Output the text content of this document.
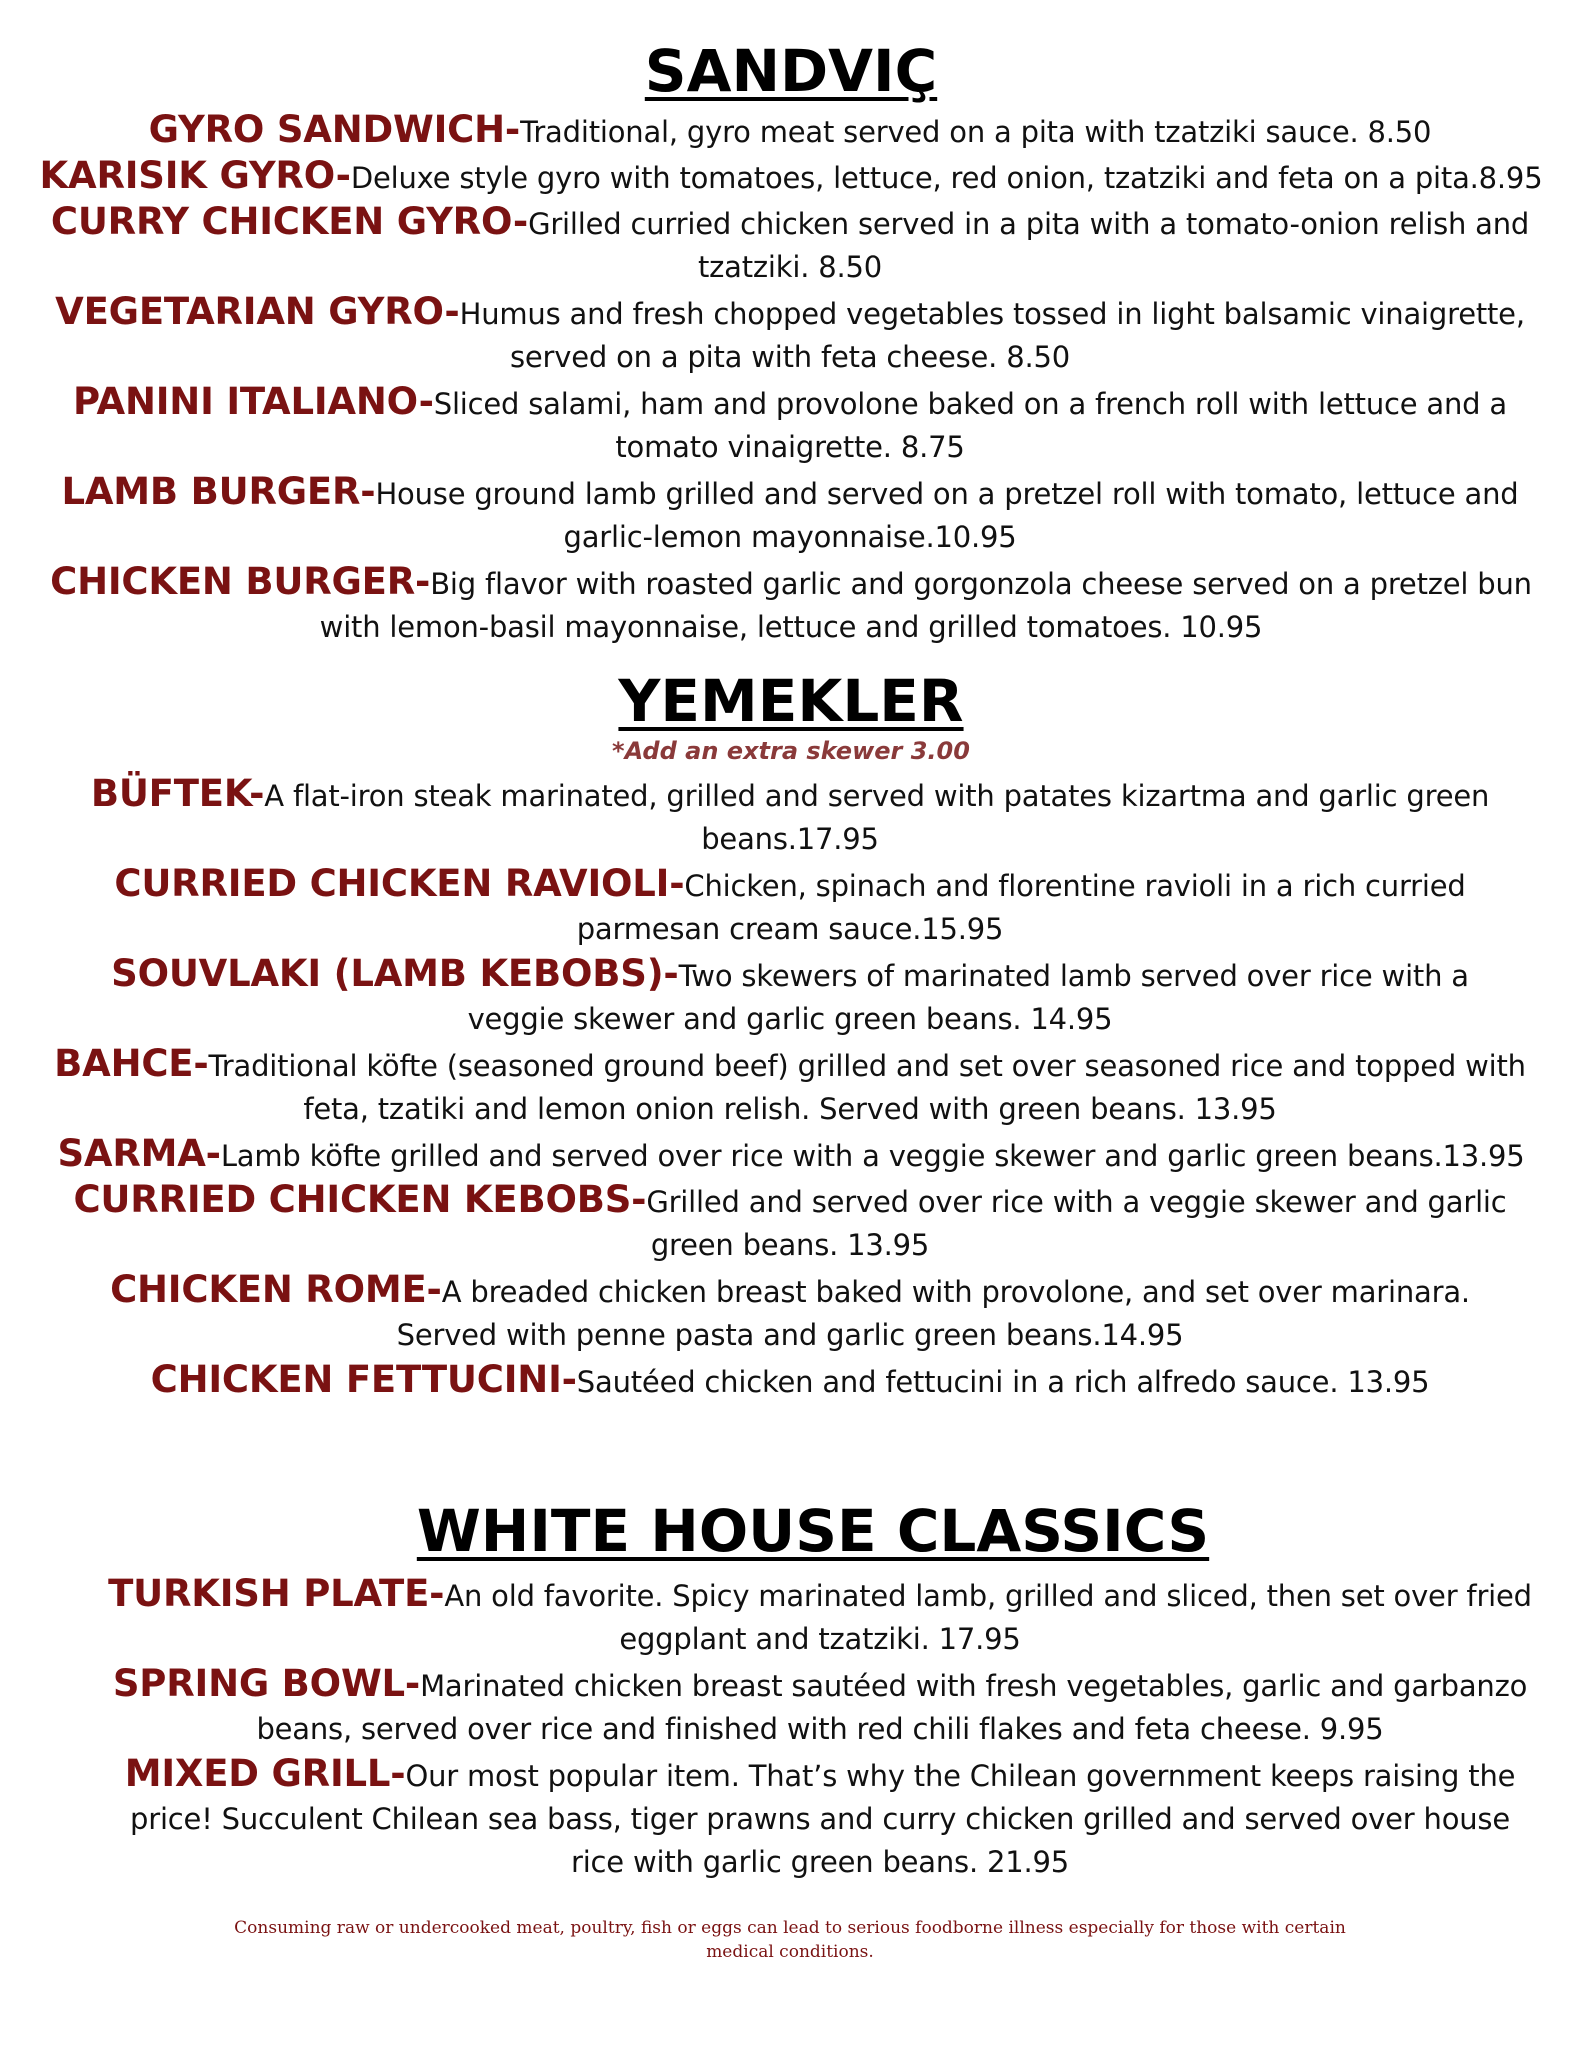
SANDVIÇ

GYRO SANDWICH-Traditional, gyro meat served on a pita with tzatziki sauce. 8.50

KARISIK GYRO-Deluxe style gyro with tomatoes, lettuce, red onion, tzatziki and feta on a pita.8.95

CURRY CHICKEN GYRO-Grilled curried chicken served in a pita with a tomato-onion relish and tzatziki. 8.50

VEGETARIAN GYRO-Humus and fresh chopped vegetables tossed in light balsamic vinaigrette, served on a pita with feta cheese. 8.50

PANINI ITALIANO-Sliced salami, ham and provolone baked on a french roll with lettuce and a tomato vinaigrette. 8.75

LAMB BURGER-House ground lamb grilled and served on a pretzel roll with tomato, lettuce and garlic-lemon mayonnaise.10.95

CHICKEN BURGER-Big flavor with roasted garlic and gorgonzola cheese served on a pretzel bun with lemon-basil mayonnaise, lettuce and grilled tomatoes. 10.95

YEMEKLER

*Add an extra skewer 3.00

BÜFTEK-A flat-iron steak marinated, grilled and served with patates kizartma and garlic green beans.17.95

CURRIED CHICKEN RAVIOLI-Chicken, spinach and florentine ravioli in a rich curried parmesan cream sauce.15.95

SOUVLAKI (LAMB KEBOBS)-Two skewers of marinated lamb served over rice with a veggie skewer and garlic green beans. 14.95

BAHCE-Traditional köfte (seasoned ground beef) grilled and set over seasoned rice and topped with feta, tzatiki and lemon onion relish. Served with green beans. 13.95

SARMA-Lamb köfte grilled and served over rice with a veggie skewer and garlic green beans.13.95

CURRIED CHICKEN KEBOBS-Grilled and served over rice with a veggie skewer and garlic green beans. 13.95

CHICKEN ROME-A breaded chicken breast baked with provolone, and set over marinara. Served with penne pasta and garlic green beans.14.95

CHICKEN FETTUCINI-Sautéed chicken and fettucini in a rich alfredo sauce. 13.95

WHITE HOUSE CLASSICS

TURKISH PLATE-An old favorite. Spicy marinated lamb, grilled and sliced, then set over fried eggplant and tzatziki. 17.95

SPRING BOWL-Marinated chicken breast sautéed with fresh vegetables, garlic and garbanzo beans, served over rice and finished with red chili flakes and feta cheese. 9.95

MIXED GRILL-Our most popular item. That’s why the Chilean government keeps raising the price! Succulent Chilean sea bass, tiger prawns and curry chicken grilled and served over house rice with garlic green beans. 21.95

Consuming raw or undercooked meat, poultry, fish or eggs can lead to serious foodborne illness especially for those with certain medical conditions.
